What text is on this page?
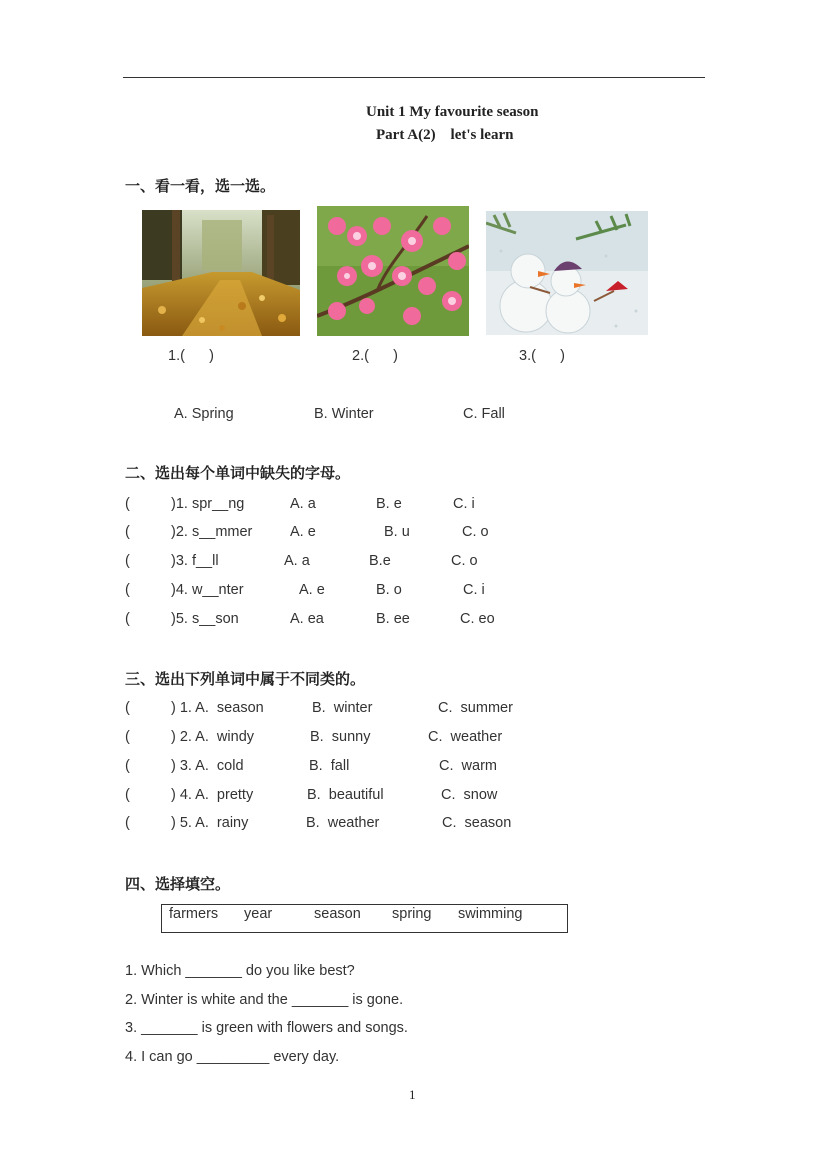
Unit 1 My favourite season
Part A(2)    let's learn
一、看一看，选一选。
1.(      )	2.(      )	3.(      )
A. Spring	B. Winter	C. Fall
二、选出每个单词中缺失的字母。
(	)1. spr__ng	A. a	B. e	C. i
(	)2. s__mmer	A. e	B. u	C. o
(	)3. f__ll	A. a	B.e	C. o
(	)4. w__nter	A. e	B. o	C. i
(	)5. s__son	A. ea	B. ee	C. eo
三、选出下列单词中属于不同类的。
(	) 1. A.  season	B.  winter	C.  summer
(	) 2. A.  windy	B.  sunny	C.  weather
(	) 3. A.  cold	B.  fall	C.  warm
(	) 4. A.  pretty	B.  beautiful	C.  snow
(	) 5. A.  rainy	B.  weather	C.  season
四、选择填空。
farmers year	season spring swimming
1. Which _______ do you like best?
2. Winter is white and the _______ is gone.
3. _______ is green with flowers and songs.
4. I can go _________ every day.
1
